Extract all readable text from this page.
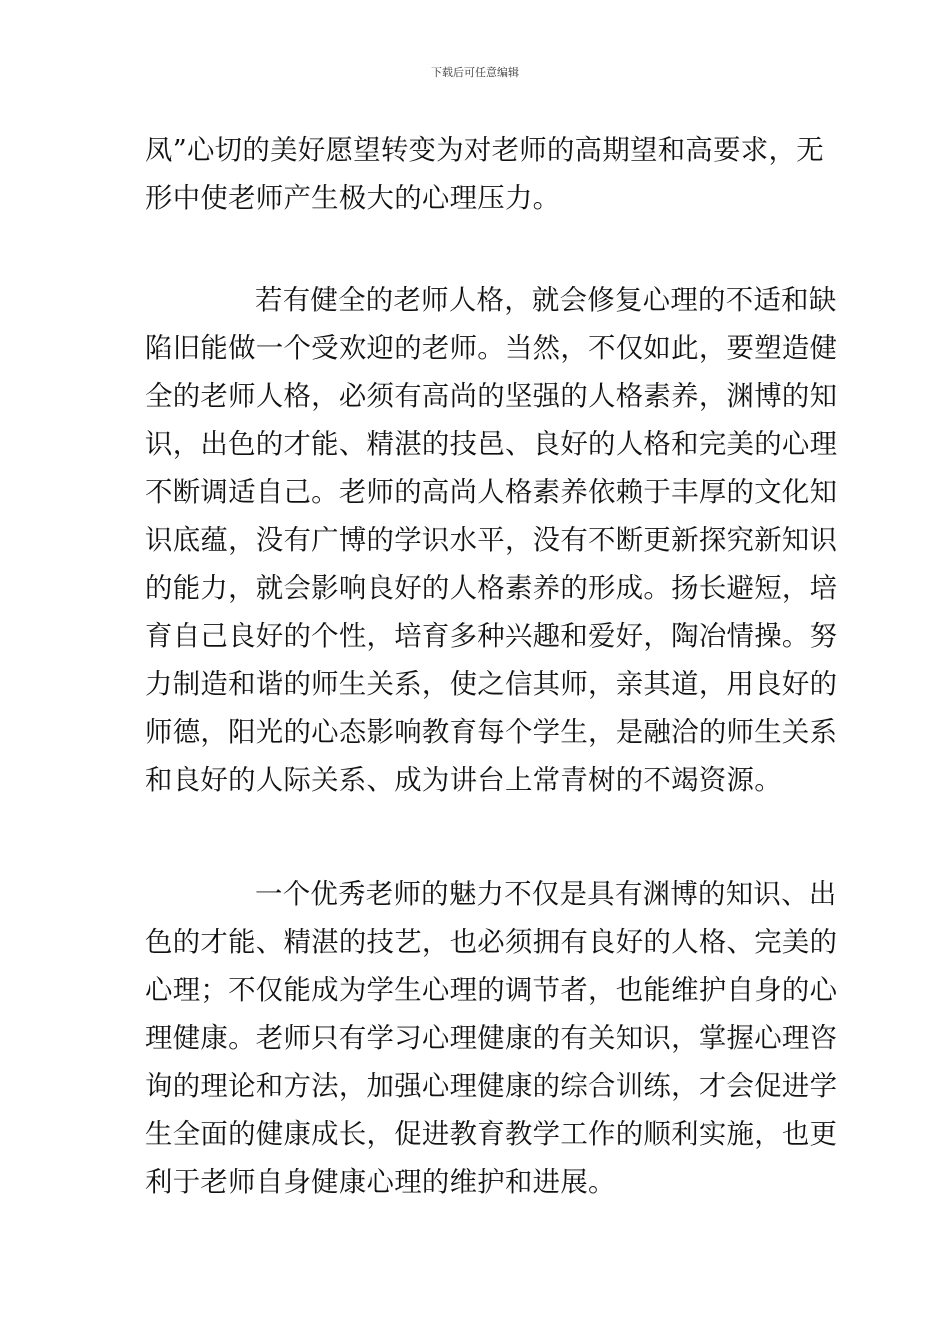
下载后可任意编辑
凤”心切的美好愿望转变为对老师的高期望和高要求，无
形中使老师产生极大的心理压力。
若有健全的老师人格，就会修复心理的不适和缺
陷旧能做一个受欢迎的老师。当然，不仅如此，要塑造健
全的老师人格，必须有高尚的坚强的人格素养，渊博的知
识，出色的才能、精湛的技邑、良好的人格和完美的心理
不断调适自己。老师的高尚人格素养依赖于丰厚的文化知
识底蕴，没有广博的学识水平，没有不断更新探究新知识
的能力，就会影响良好的人格素养的形成。扬长避短，培
育自己良好的个性，培育多种兴趣和爱好，陶冶情操。努
力制造和谐的师生关系，使之信其师，亲其道，用良好的
师德，阳光的心态影响教育每个学生，是融洽的师生关系
和良好的人际关系、成为讲台上常青树的不竭资源。
一个优秀老师的魅力不仅是具有渊博的知识、出
色的才能、精湛的技艺，也必须拥有良好的人格、完美的
心理；不仅能成为学生心理的调节者，也能维护自身的心
理健康。老师只有学习心理健康的有关知识，掌握心理咨
询的理论和方法，加强心理健康的综合训练，才会促进学
生全面的健康成长，促进教育教学工作的顺利实施，也更
利于老师自身健康心理的维护和进展。
